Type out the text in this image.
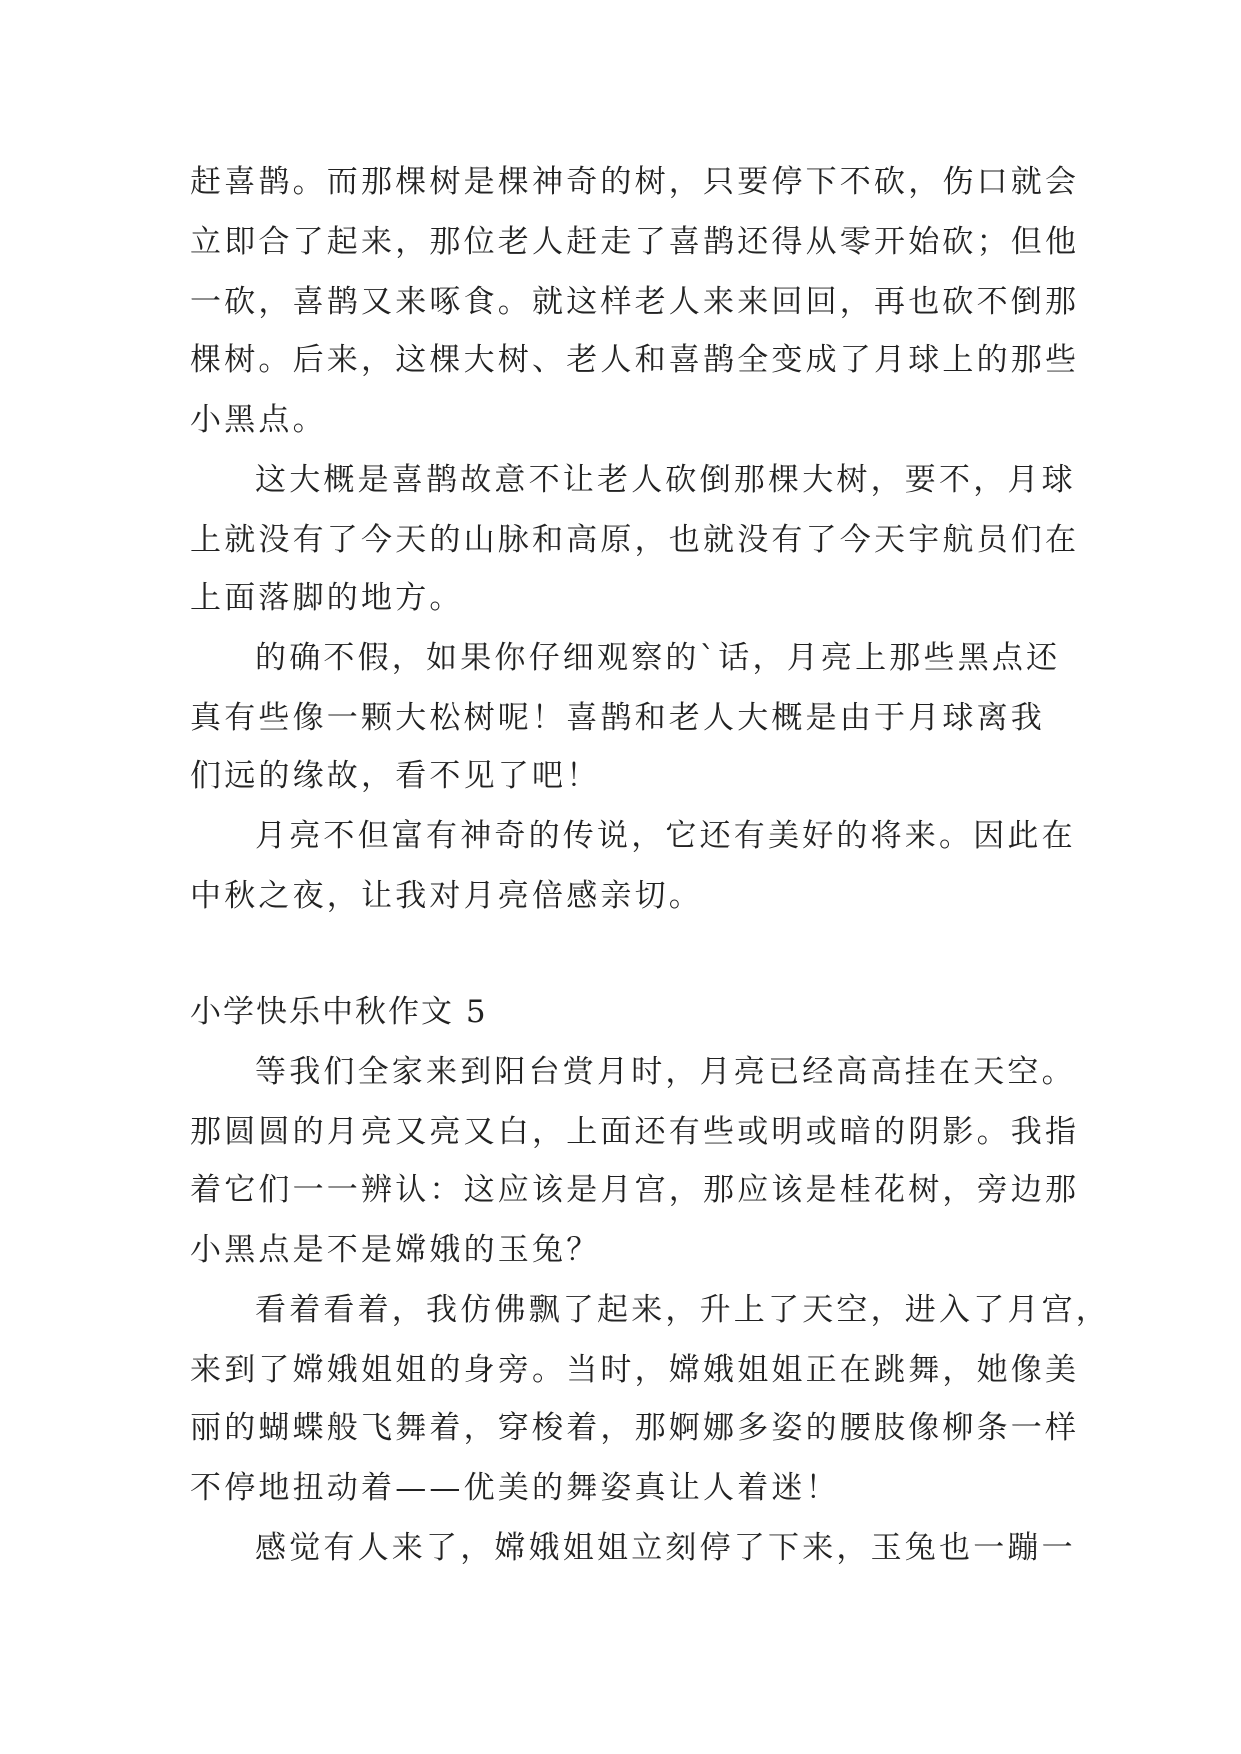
赶喜鹊。而那棵树是棵神奇的树，只要停下不砍，伤口就会
立即合了起来，那位老人赶走了喜鹊还得从零开始砍；但他
一砍，喜鹊又来啄食。就这样老人来来回回，再也砍不倒那
棵树。后来，这棵大树、老人和喜鹊全变成了月球上的那些
小黑点。
这大概是喜鹊故意不让老人砍倒那棵大树，要不，月球
上就没有了今天的山脉和高原，也就没有了今天宇航员们在
上面落脚的地方。
的确不假，如果你仔细观察的`话，月亮上那些黑点还
真有些像一颗大松树呢！喜鹊和老人大概是由于月球离我
们远的缘故，看不见了吧！
月亮不但富有神奇的传说，它还有美好的将来。因此在
中秋之夜，让我对月亮倍感亲切。
小学快乐中秋作文 5
等我们全家来到阳台赏月时，月亮已经高高挂在天空。
那圆圆的月亮又亮又白，上面还有些或明或暗的阴影。我指
着它们一一辨认：这应该是月宫，那应该是桂花树，旁边那
小黑点是不是嫦娥的玉兔？
看着看着，我仿佛飘了起来，升上了天空，进入了月宫，
来到了嫦娥姐姐的身旁。当时，嫦娥姐姐正在跳舞，她像美
丽的蝴蝶般飞舞着，穿梭着，那婀娜多姿的腰肢像柳条一样
不停地扭动着——优美的舞姿真让人着迷！
感觉有人来了，嫦娥姐姐立刻停了下来，玉兔也一蹦一
